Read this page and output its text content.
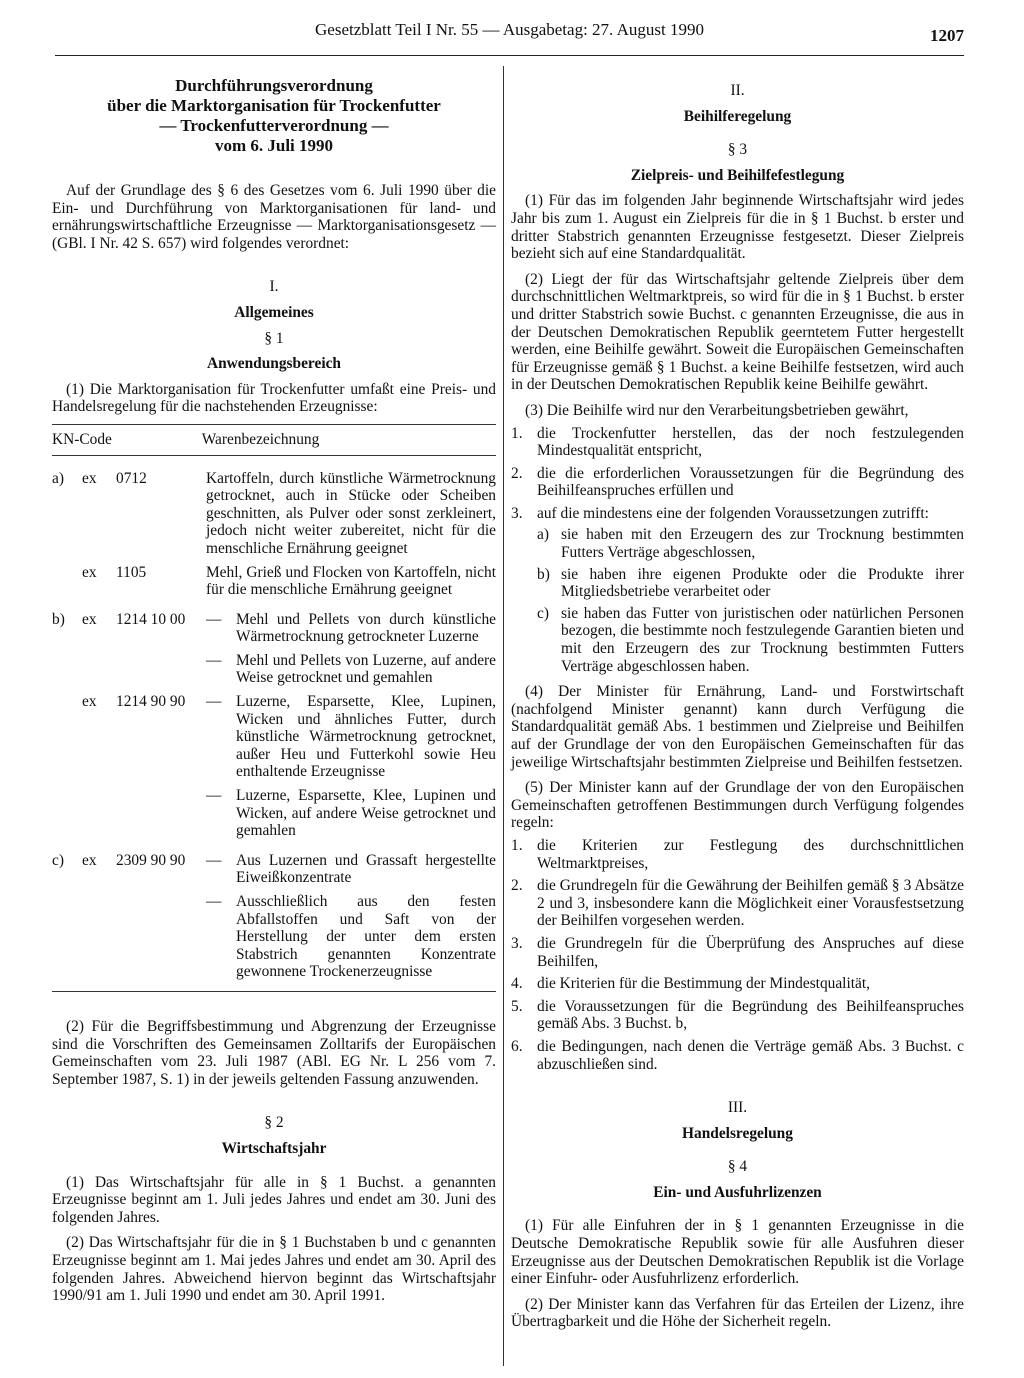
Gesetzblatt Teil I Nr. 55 — Ausgabetag: 27. August 1990	1207
Durchführungsverordnung
über die Marktorganisation für Trockenfutter
— Trockenfutterverordnung —
vom 6. Juli 1990

Auf der Grundlage des § 6 des Gesetzes vom 6. Juli 1990 über die Ein- und Durchführung von Marktorganisationen für land- und ernährungswirtschaftliche Erzeugnisse — Marktorganisationsgesetz — (GBl. I Nr. 42 S. 657) wird folgendes verordnet:

I.

Allgemeines

§ 1

Anwendungsbereich

(1) Die Marktorganisation für Trockenfutter umfaßt eine Preis- und Handelsregelung für die nachstehenden Erzeugnisse:

KN-Code	Warenbezeichnung
a)	ex	0712	Kartoffeln, durch künstliche Wärmetrocknung getrocknet, auch in Stücke oder Scheiben geschnitten, als Pulver oder sonst zerkleinert, jedoch nicht weiter zubereitet, nicht für die menschliche Ernährung geeignet	
	ex	1105	Mehl, Grieß und Flocken von Kartoffeln, nicht für die menschliche Ernährung geeignet	
b)	ex	1214 10 00	—	Mehl und Pellets von durch künstliche Wärmetrocknung getrockneter Luzerne
			—	Mehl und Pellets von Luzerne, auf andere Weise getrocknet und gemahlen
	ex	1214 90 90	—	Luzerne, Esparsette, Klee, Lupinen, Wicken und ähnliches Futter, durch künstliche Wärmetrocknung getrocknet, außer Heu und Futterkohl sowie Heu enthaltende Erzeugnisse
			—	Luzerne, Esparsette, Klee, Lupinen und Wicken, auf andere Weise getrocknet und gemahlen
c)	ex	2309 90 90	—	Aus Luzernen und Grassaft hergestellte Eiweißkonzentrate
			—	Ausschließlich aus den festen Abfallstoffen und Saft von der Herstellung der unter dem ersten Stabstrich genannten Konzentrate gewonnene Trockenerzeugnisse

(2) Für die Begriffsbestimmung und Abgrenzung der Erzeugnisse sind die Vorschriften des Gemeinsamen Zolltarifs der Europäischen Gemeinschaften vom 23. Juli 1987 (ABl. EG Nr. L 256 vom 7. September 1987, S. 1) in der jeweils geltenden Fassung anzuwenden.

§ 2

Wirtschaftsjahr

(1) Das Wirtschaftsjahr für alle in § 1 Buchst. a genannten Erzeugnisse beginnt am 1. Juli jedes Jahres und endet am 30. Juni des folgenden Jahres.

(2) Das Wirtschaftsjahr für die in § 1 Buchstaben b und c genannten Erzeugnisse beginnt am 1. Mai jedes Jahres und endet am 30. April des folgenden Jahres. Abweichend hiervon beginnt das Wirtschaftsjahr 1990/91 am 1. Juli 1990 und endet am 30. April 1991.

II.

Beihilferegelung

§ 3

Zielpreis- und Beihilfefestlegung

(1) Für das im folgenden Jahr beginnende Wirtschaftsjahr wird jedes Jahr bis zum 1. August ein Zielpreis für die in § 1 Buchst. b erster und dritter Stabstrich genannten Erzeugnisse festgesetzt. Dieser Zielpreis bezieht sich auf eine Standardqualität.

(2) Liegt der für das Wirtschaftsjahr geltende Zielpreis über dem durchschnittlichen Weltmarktpreis, so wird für die in § 1 Buchst. b erster und dritter Stabstrich sowie Buchst. c genannten Erzeugnisse, die aus in der Deutschen Demokratischen Republik geerntetem Futter hergestellt werden, eine Beihilfe gewährt. Soweit die Europäischen Gemeinschaften für Erzeugnisse gemäß § 1 Buchst. a keine Beihilfe festsetzen, wird auch in der Deutschen Demokratischen Republik keine Beihilfe gewährt.

(3) Die Beihilfe wird nur den Verarbeitungsbetrieben gewährt,

1. die Trockenfutter herstellen, das der noch festzulegenden Mindestqualität entspricht,
2. die die erforderlichen Voraussetzungen für die Begründung des Beihilfeanspruches erfüllen und
3. auf die mindestens eine der folgenden Voraussetzungen zutrifft:
a) sie haben mit den Erzeugern des zur Trocknung bestimmten Futters Verträge abgeschlossen,
b) sie haben ihre eigenen Produkte oder die Produkte ihrer Mitgliedsbetriebe verarbeitet oder
c) sie haben das Futter von juristischen oder natürlichen Personen bezogen, die bestimmte noch festzulegende Garantien bieten und mit den Erzeugern des zur Trocknung bestimmten Futters Verträge abgeschlossen haben.

(4) Der Minister für Ernährung, Land- und Forstwirtschaft (nachfolgend Minister genannt) kann durch Verfügung die Standardqualität gemäß Abs. 1 bestimmen und Zielpreise und Beihilfen auf der Grundlage der von den Europäischen Gemeinschaften für das jeweilige Wirtschaftsjahr bestimmten Zielpreise und Beihilfen festsetzen.

(5) Der Minister kann auf der Grundlage der von den Europäischen Gemeinschaften getroffenen Bestimmungen durch Verfügung folgendes regeln:

1. die Kriterien zur Festlegung des durchschnittlichen Weltmarktpreises,
2. die Grundregeln für die Gewährung der Beihilfen gemäß § 3 Absätze 2 und 3, insbesondere kann die Möglichkeit einer Vorausfestsetzung der Beihilfen vorgesehen werden.
3. die Grundregeln für die Überprüfung des Anspruches auf diese Beihilfen,
4. die Kriterien für die Bestimmung der Mindestqualität,
5. die Voraussetzungen für die Begründung des Beihilfeanspruches gemäß Abs. 3 Buchst. b,
6. die Bedingungen, nach denen die Verträge gemäß Abs. 3 Buchst. c abzuschließen sind.

III.

Handelsregelung

§ 4

Ein- und Ausfuhrlizenzen

(1) Für alle Einfuhren der in § 1 genannten Erzeugnisse in die Deutsche Demokratische Republik sowie für alle Ausfuhren dieser Erzeugnisse aus der Deutschen Demokratischen Republik ist die Vorlage einer Einfuhr- oder Ausfuhrlizenz erforderlich.

(2) Der Minister kann das Verfahren für das Erteilen der Lizenz, ihre Übertragbarkeit und die Höhe der Sicherheit regeln.
